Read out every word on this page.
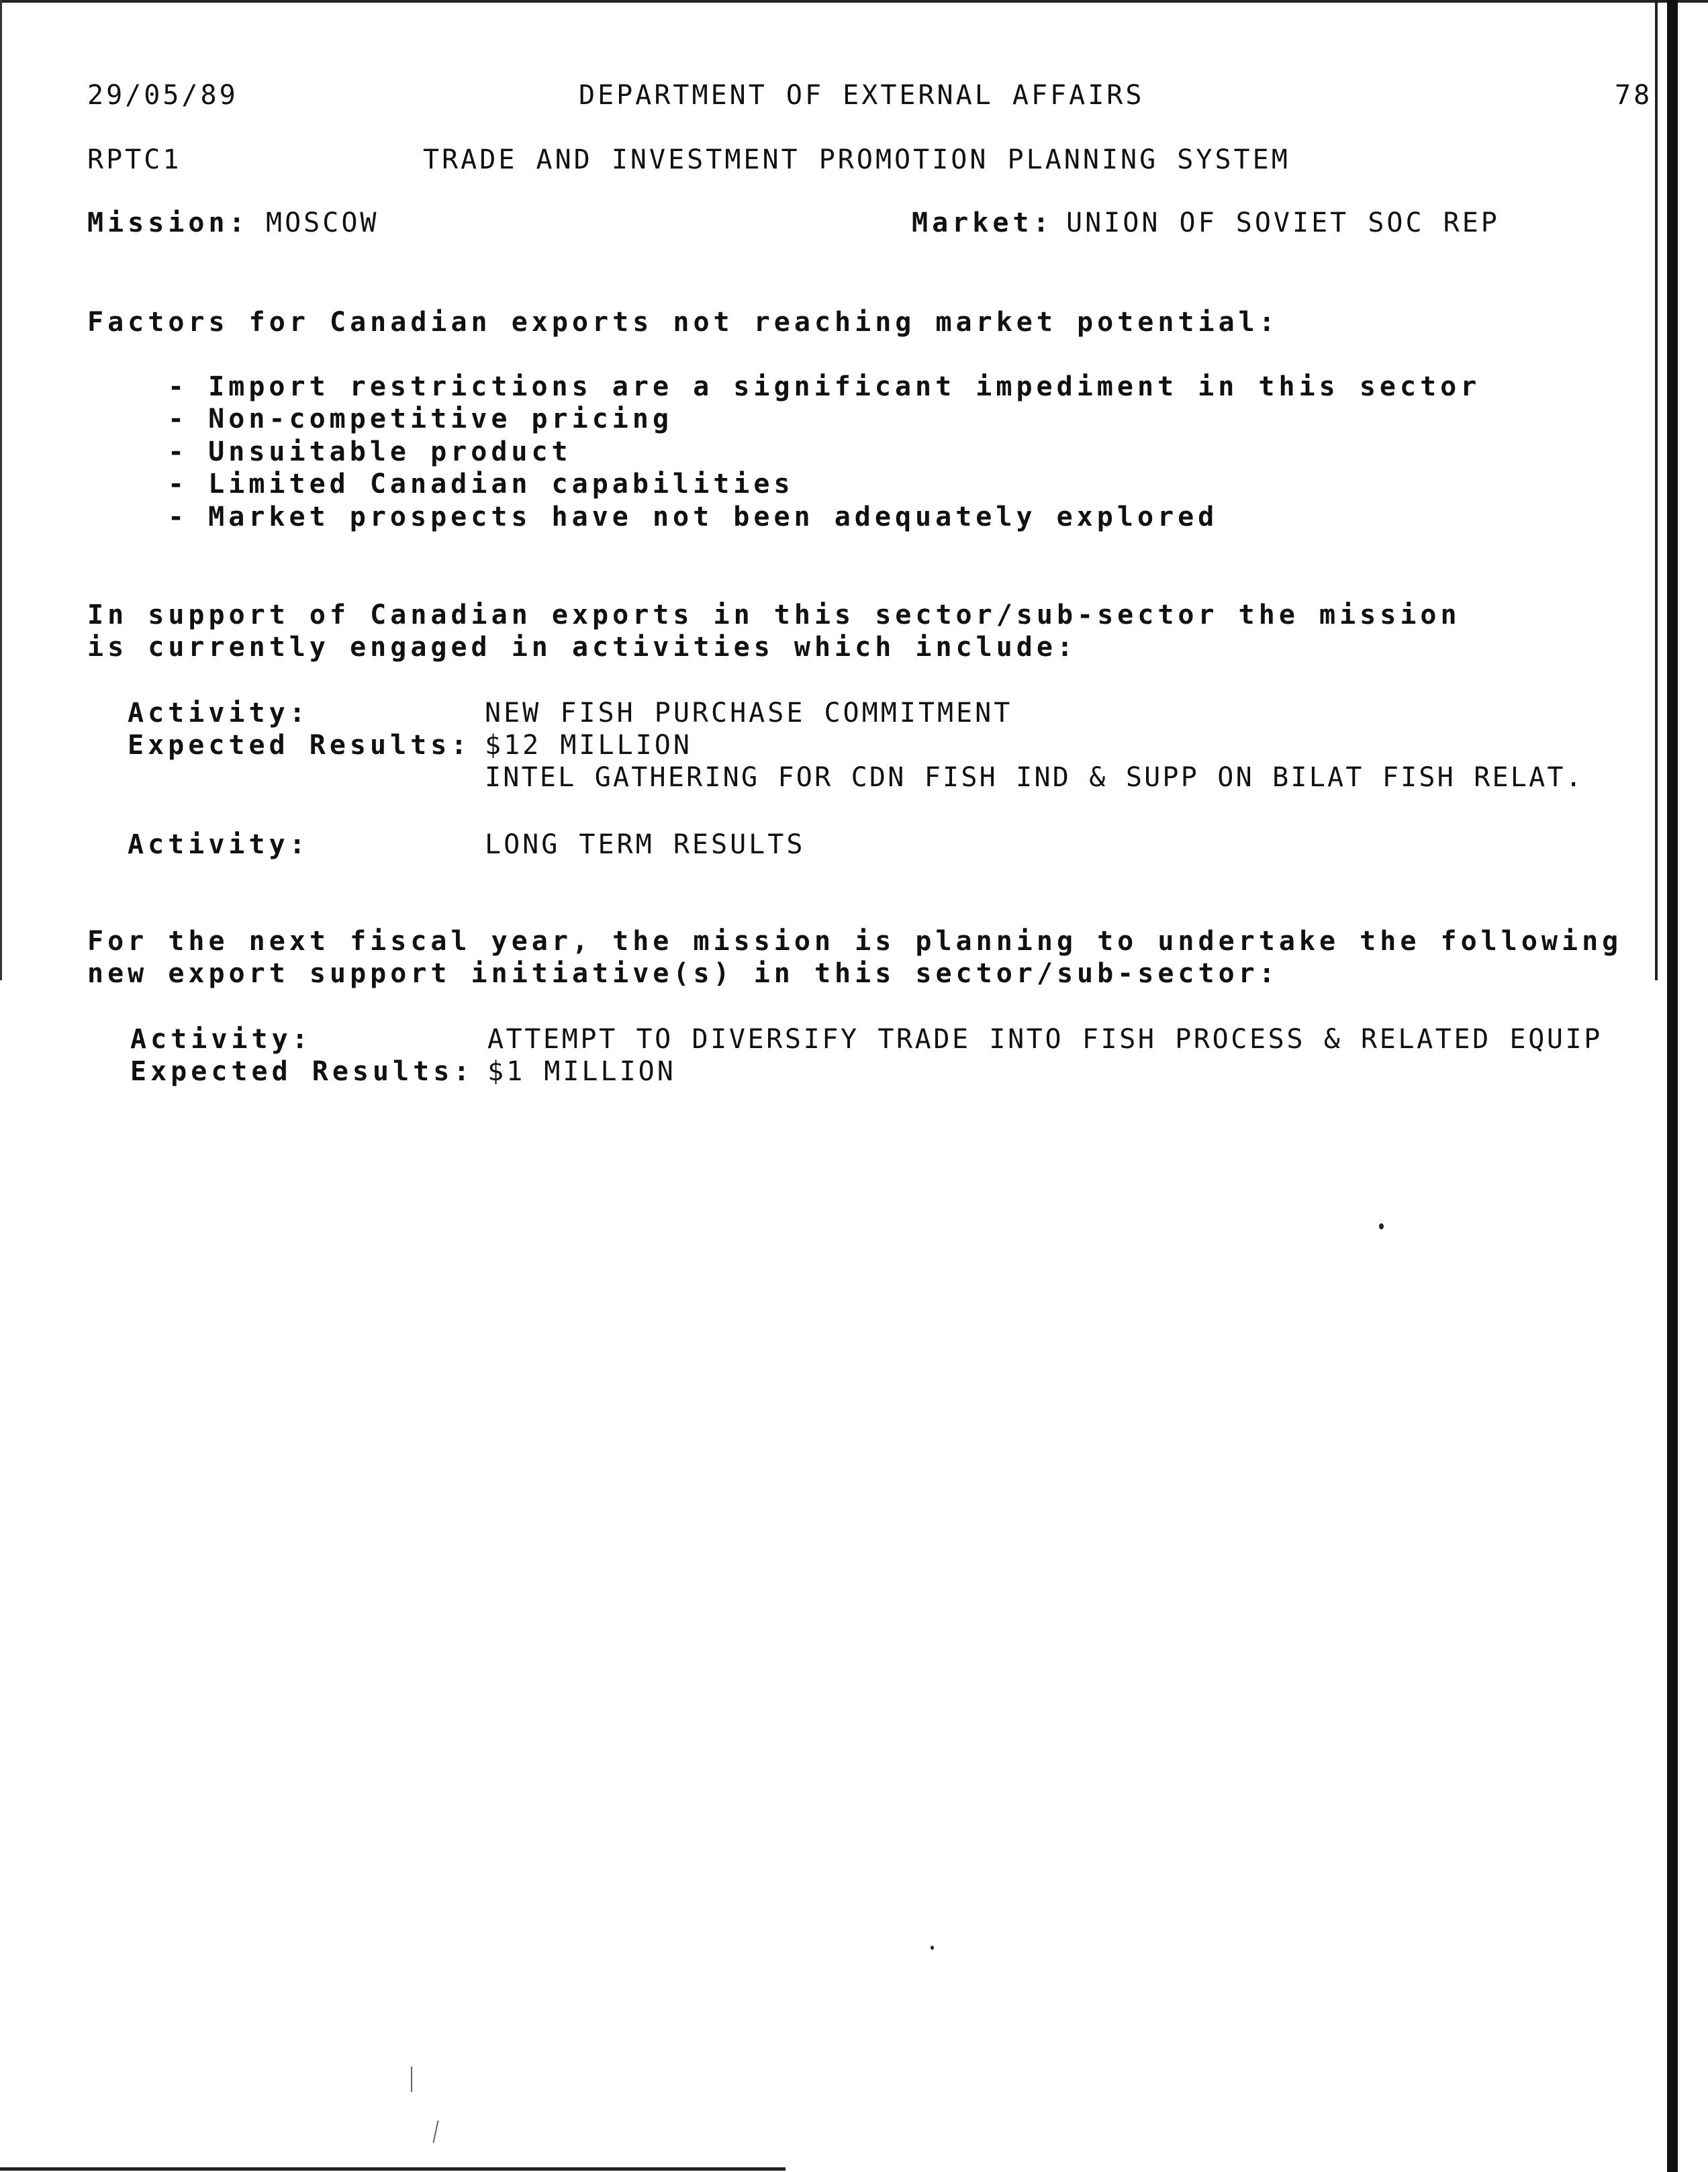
29/05/89	DEPARTMENT OF EXTERNAL AFFAIRS	78
RPTC1	TRADE AND INVESTMENT PROMOTION PLANNING SYSTEM
Mission: MOSCOW	Market: UNION OF SOVIET SOC REP
Factors for Canadian exports not reaching market potential:
- Import restrictions are a significant impediment in this sector
- Non-competitive pricing
- Unsuitable product
- Limited Canadian capabilities
- Market prospects have not been adequately explored
In support of Canadian exports in this sector/sub-sector the mission
is currently engaged in activities which include:
Activity:	NEW FISH PURCHASE COMMITMENT
Expected Results: $12 MILLION
INTEL GATHERING FOR CDN FISH IND & SUPP ON BILAT FISH RELAT.
Activity:	LONG TERM RESULTS
For the next fiscal year, the mission is planning to undertake the following
new export support initiative(s) in this sector/sub-sector:
Activity:	ATTEMPT TO DIVERSIFY TRADE INTO FISH PROCESS & RELATED EQUIP
Expected Results: $1 MILLION
